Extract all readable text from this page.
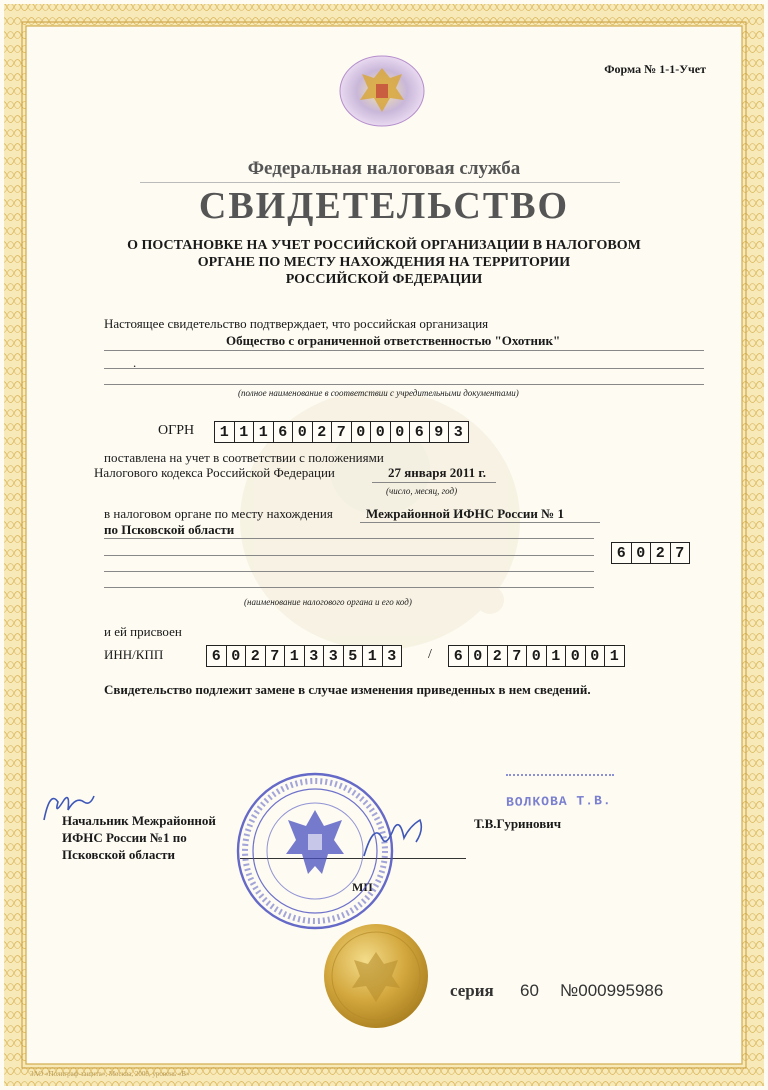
Форма № 1-1-Учет
Федеральная налоговая служба
СВИДЕТЕЛЬСТВО
О ПОСТАНОВКЕ НА УЧЕТ РОССИЙСКОЙ ОРГАНИЗАЦИИ В НАЛОГОВОМ
ОРГАНЕ ПО МЕСТУ НАХОЖДЕНИЯ НА ТЕРРИТОРИИ
РОССИЙСКОЙ ФЕДЕРАЦИИ
Настоящее свидетельство подтверждает, что российская организация
Общество с ограниченной ответственностью "Охотник"
.
(полное наименование в соответствии с учредительными документами)
ОГРН	1 1 1 6 0 2 7 0 0 0 6 9 3
поставлена на учет в соответствии с положениями
Налогового кодекса Российской Федерации	27 января 2011 г.
(число, месяц, год)
в налоговом органе по месту нахождения	Межрайонной ИФНС России № 1
по Псковской области
6 0 2 7
(наименование налогового органа и его код)
и ей присвоен
ИНН/КПП	6 0 2 7 1 3 3 5 1 3	/	6 0 2 7 0 1 0 0 1
Свидетельство подлежит замене в случае изменения приведенных в нем сведений.
Начальник Межрайонной
ИФНС России №1 по
Псковской области
МП
Т.В.Гуринович
ВОЛКОВА Т.В.
серия 60 №000995986
ЗАО «Полиграф-защита», Москва, 2008, уровень «В»
